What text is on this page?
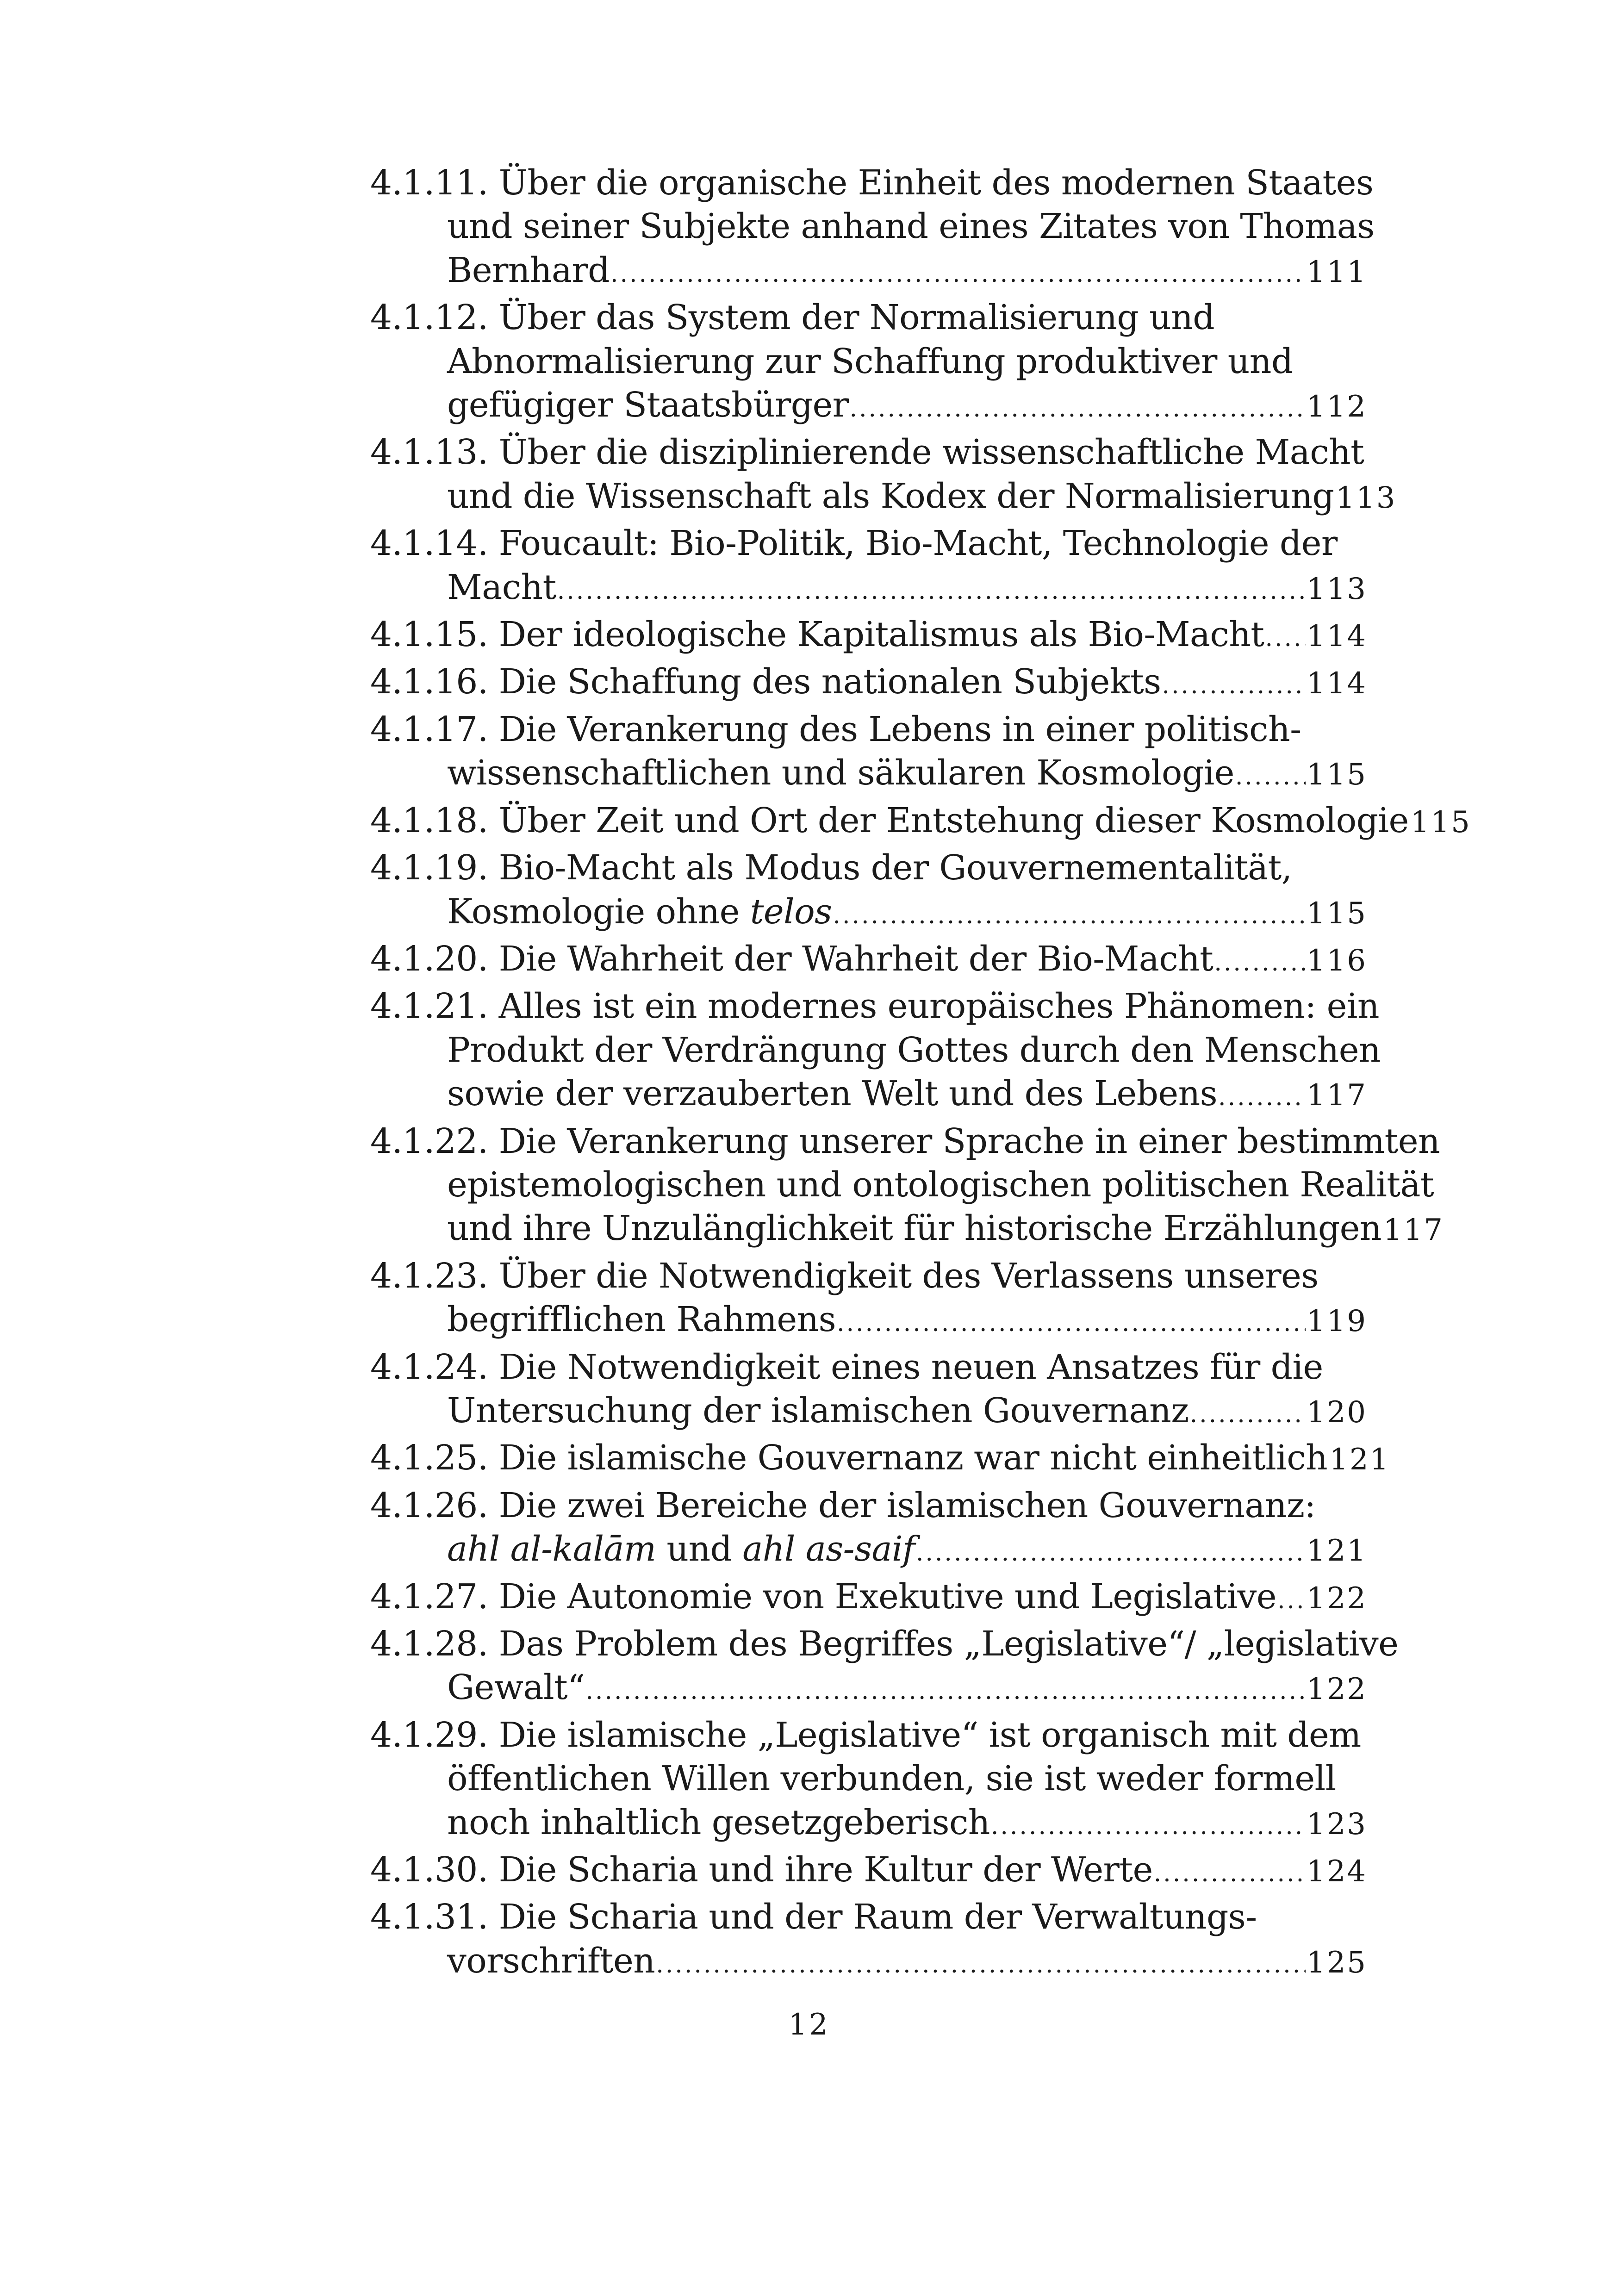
4.1.11. Über die organische Einheit des modernen Staates
und seiner Subjekte anhand eines Zitates von Thomas
Bernhard .....	111
4.1.12. Über das System der Normalisierung und
Abnormalisierung zur Schaffung produktiver und
gefügiger Staatsbürger .....	112
4.1.13. Über die disziplinierende wissenschaftliche Macht
und die Wissenschaft als Kodex der Normalisierung 113
4.1.14. Foucault: Bio-Politik, Bio-Macht, Technologie der
Macht .....	113
4.1.15. Der ideologische Kapitalismus als Bio-Macht ..... 114
4.1.16. Die Schaffung des nationalen Subjekts .....	114
4.1.17. Die Verankerung des Lebens in einer politisch-
wissenschaftlichen und säkularen Kosmologie ..... 115
4.1.18. Über Zeit und Ort der Entstehung dieser Kosmologie 115
4.1.19. Bio-Macht als Modus der Gouvernementalität,
Kosmologie ohne telos .....	115
4.1.20. Die Wahrheit der Wahrheit der Bio-Macht .....	116
4.1.21. Alles ist ein modernes europäisches Phänomen: ein
Produkt der Verdrängung Gottes durch den Menschen
sowie der verzauberten Welt und des Lebens .....	117
4.1.22. Die Verankerung unserer Sprache in einer bestimmten
epistemologischen und ontologischen politischen Realität
und ihre Unzulänglichkeit für historische Erzählungen 117
4.1.23. Über die Notwendigkeit des Verlassens unseres
begrifflichen Rahmens .....	119
4.1.24. Die Notwendigkeit eines neuen Ansatzes für die
Untersuchung der islamischen Gouvernanz .....	120
4.1.25. Die islamische Gouvernanz war nicht einheitlich 121
4.1.26. Die zwei Bereiche der islamischen Gouvernanz:
ahl al-kalām und ahl as-saif .....	121
4.1.27. Die Autonomie von Exekutive und Legislative ..... 122
4.1.28. Das Problem des Begriffes „Legislative“/ „legislative
Gewalt“ .....	122
4.1.29. Die islamische „Legislative“ ist organisch mit dem
öffentlichen Willen verbunden, sie ist weder formell
noch inhaltlich gesetzgeberisch .....	123
4.1.30. Die Scharia und ihre Kultur der Werte .....	124
4.1.31. Die Scharia und der Raum der Verwaltungs-
vorschriften .....	125
12
